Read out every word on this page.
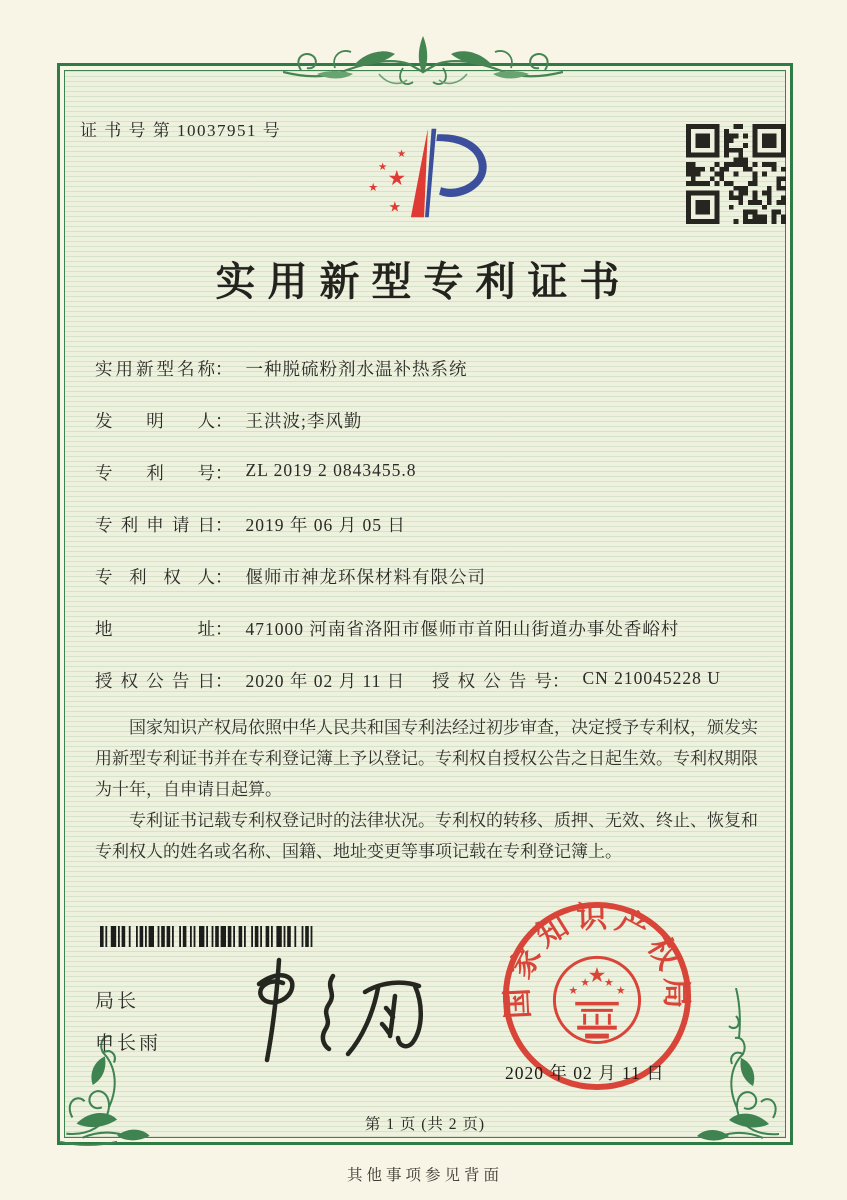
证 书 号 第 10037951 号
★
★
★ ★
★
实用新型专利证书
实用新型名称 ： 一种脱硫粉剂水温补热系统
发明人 ： 王洪波;李风勤
专利号 ： ZL 2019 2 0843455.8
专利申请日 ： 2019 年 06 月 05 日
专利权人 ： 偃师市神龙环保材料有限公司
地址 ： 471000 河南省洛阳市偃师市首阳山街道办事处香峪村
授权公告日 ： 2020 年 02 月 11 日 授权公告号 ： CN 210045228 U

国家知识产权局依照中华人民共和国专利法经过初步审查，决定授予专利权，颁发实用新型专利证书并在专利登记簿上予以登记。专利权自授权公告之日起生效。专利权期限为十年，自申请日起算。

专利证书记载专利权登记时的法律状况。专利权的转移、质押、无效、终止、恢复和专利权人的姓名或名称、国籍、地址变更等事项记载在专利登记簿上。

局长
申长雨
国家知识产权局
★
★
★ ★
★
2020 年 02 月 11 日
第 1 页 (共 2 页)
其他事项参见背面
